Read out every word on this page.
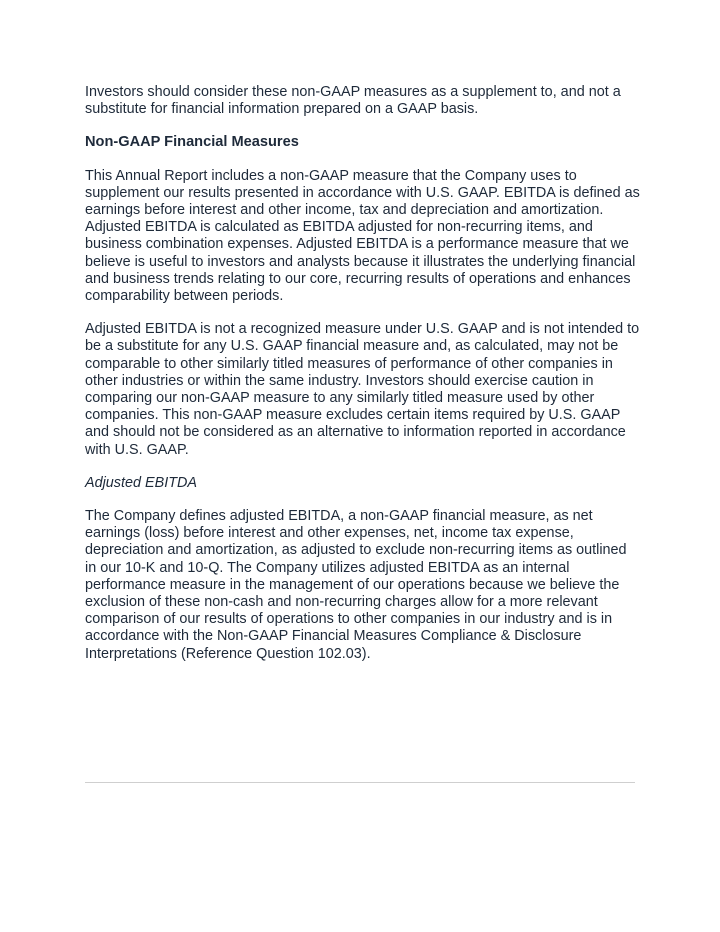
Investors should consider these non-GAAP measures as a supplement to, and not a substitute for financial information prepared on a GAAP basis.

Non-GAAP Financial Measures

This Annual Report includes a non-GAAP measure that the Company uses to supplement our results presented in accordance with U.S. GAAP. EBITDA is defined as earnings before interest and other income, tax and depreciation and amortization. Adjusted EBITDA is calculated as EBITDA adjusted for non-recurring items, and business combination expenses. Adjusted EBITDA is a performance measure that we believe is useful to investors and analysts because it illustrates the underlying financial and business trends relating to our core, recurring results of operations and enhances comparability between periods.

Adjusted EBITDA is not a recognized measure under U.S. GAAP and is not intended to be a substitute for any U.S. GAAP financial measure and, as calculated, may not be comparable to other similarly titled measures of performance of other companies in other industries or within the same industry. Investors should exercise caution in comparing our non-GAAP measure to any similarly titled measure used by other companies. This non-GAAP measure excludes certain items required by U.S. GAAP and should not be considered as an alternative to information reported in accordance with U.S. GAAP.

Adjusted EBITDA

The Company defines adjusted EBITDA, a non-GAAP financial measure, as net earnings (loss) before interest and other expenses, net, income tax expense, depreciation and amortization, as adjusted to exclude non-recurring items as outlined in our 10-K and 10-Q. The Company utilizes adjusted EBITDA as an internal performance measure in the management of our operations because we believe the exclusion of these non-cash and non-recurring charges allow for a more relevant comparison of our results of operations to other companies in our industry and is in accordance with the Non-GAAP Financial Measures Compliance & Disclosure Interpretations (Reference Question 102.03).
